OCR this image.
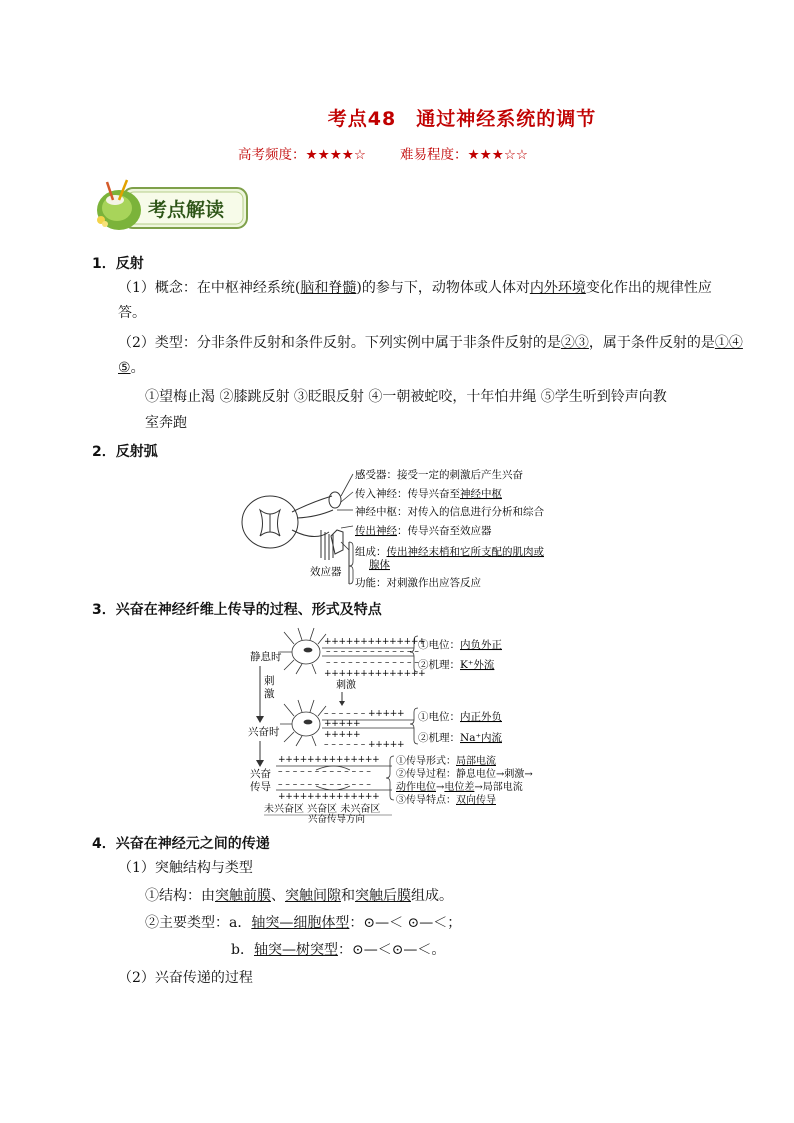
考点48　通过神经系统的调节
高考频度：★★★★☆	难易程度：★★★☆☆
考点解读
1．反射
（1）概念：在中枢神经系统(脑和脊髓)的参与下，动物体或人体对内外环境变化作出的规律性应
答。
（2）类型：分非条件反射和条件反射。下列实例中属于非条件反射的是②③，属于条件反射的是①④
⑤。
①望梅止渴 ②膝跳反射 ③眨眼反射 ④一朝被蛇咬，十年怕井绳 ⑤学生听到铃声向教
室奔跑
2．反射弧
感受器：接受一定的刺激后产生兴奋
传入神经：传导兴奋至神经中枢
神经中枢：对传入的信息进行分析和综合
传出神经：传导兴奋至效应器
组成：传出神经末梢和它所支配的肌肉或
腺体
效应器
功能：对刺激作出应答反应
3．兴奋在神经纤维上传导的过程、形式及特点
静息时
刺
激
兴奋时
兴奋
传导
++++++++++++++
– – – – – – – – – – – – –
– – – – – – – – – – – – –
++++++++++++++
①电位：内负外正
②机理：K⁺外流
刺激
– – – – – – +++++
+++++
+++++
– – – – – – +++++
①电位：内正外负
②机理：Na⁺内流
++++++++++++++
– – – – – – – – – – – – –
– – – – – – – – – – – – –
++++++++++++++
未兴奋区 兴奋区 未兴奋区
兴奋传导方向
①传导形式：局部电流
②传导过程：静息电位→刺激→
动作电位→电位差→局部电流
③传导特点：双向传导
4．兴奋在神经元之间的传递
（1）突触结构与类型
①结构：由突触前膜、突触间隙和突触后膜组成。
②主要类型：a．轴突—细胞体型：⊙—＜ ⊙—＜；
b．轴突—树突型：⊙—＜⊙—＜。
（2）兴奋传递的过程
